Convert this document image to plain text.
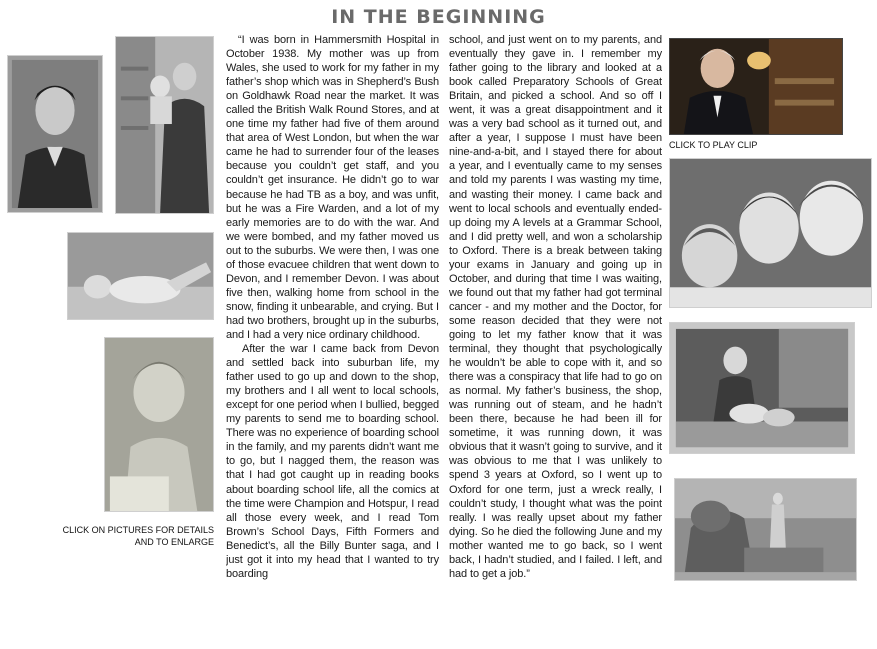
IN THE BEGINNING
CLICK ON PICTURES FOR DETAILS AND TO ENLARGE

“I was born in Hammersmith Hospital in October 1938. My mother was up from Wales, she used to work for my father in my father’s shop which was in Shepherd’s Bush on Goldhawk Road near the market. It was called the British Walk Round Stores, and at one time my father had five of them around that area of West London, but when the war came he had to surrender four of the leases because you couldn’t get staff, and you couldn’t get insurance. He didn’t go to war because he had TB as a boy, and was unfit, but he was a Fire Warden, and a lot of my early memories are to do with the war. And we were bombed, and my father moved us out to the suburbs. We were then, I was one of those evacuee children that went down to Devon, and I remember Devon. I was about five then, walking home from school in the snow, finding it unbearable, and crying. But I had two brothers, brought up in the suburbs, and I had a very nice ordinary childhood.

After the war I came back from Devon and settled back into suburban life, my father used to go up and down to the shop, my brothers and I all went to local schools, except for one period when I bullied, begged my parents to send me to boarding school. There was no experience of boarding school in the family, and my parents didn’t want me to go, but I nagged them, the reason was that I had got caught up in reading books about boarding school life, all the comics at the time were Champion and Hotspur, I read all those every week, and I read Tom Brown’s School Days, Fifth Formers and Benedict’s, all the Billy Bunter saga, and I just got it into my head that I wanted to try boarding

school, and just went on to my parents, and eventually they gave in. I remember my father going to the library and looked at a book called Preparatory Schools of Great Britain, and picked a school. And so off I went, it was a great disappointment and it was a very bad school as it turned out, and after a year, I suppose I must have been nine-and-a-bit, and I stayed there for about a year, and I eventually came to my senses and told my parents I was wasting my time, and wasting their money. I came back and went to local schools and eventually ended-up doing my A levels at a Grammar School, and I did pretty well, and won a scholarship to Oxford. There is a break between taking your exams in January and going up in October, and during that time I was waiting, we found out that my father had got terminal cancer - and my mother and the Doctor, for some reason decided that they were not going to let my father know that it was terminal, they thought that psychologically he wouldn’t be able to cope with it, and so there was a conspiracy that life had to go on as normal. My father’s business, the shop, was running out of steam, and he hadn’t been there, because he had been ill for sometime, it was running down, it was obvious that it wasn’t going to survive, and it was obvious to me that I was unlikely to spend 3 years at Oxford, so I went up to Oxford for one term, just a wreck really, I couldn’t study, I thought what was the point really. I was really upset about my father dying. So he died the following June and my mother wanted me to go back, so I went back, I hadn’t studied, and I failed. I left, and had to get a job.”

CLICK TO PLAY CLIP
